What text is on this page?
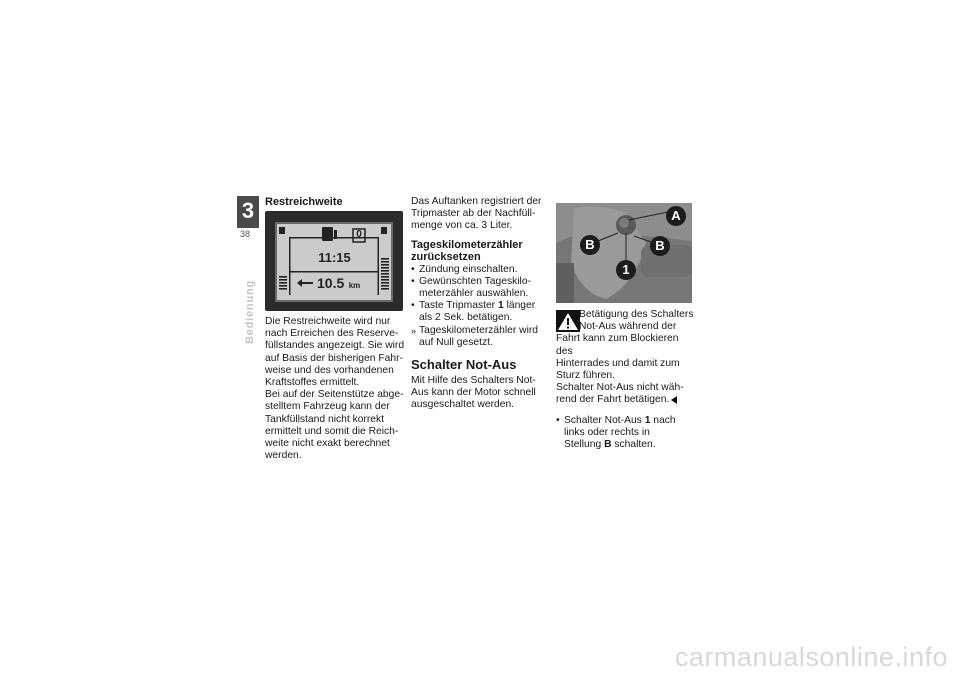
3
38
Bedienung
Restreichweite
0
11:15
10.5 km
Die Restreichweite wird nur
nach Erreichen des Reserve-
füllstandes angezeigt. Sie wird
auf Basis der bisherigen Fahr-
weise und des vorhandenen
Kraftstoffes ermittelt.
Bei auf der Seitenstütze abge-
stelltem Fahrzeug kann der
Tankfüllstand nicht korrekt
ermittelt und somit die Reich-
weite nicht exakt berechnet
werden.
Das Auftanken registriert der
Tripmaster ab der Nachfüll-
menge von ca. 3 Liter.
Tageskilometerzähler
zurücksetzen
• Zündung einschalten.
• Gewünschten Tageskilo-
meterzähler auswählen.
• Taste Tripmaster 1 länger
als 2 Sek. betätigen.
» Tageskilometerzähler wird
auf Null gesetzt.
Schalter Not-Aus
Mit Hilfe des Schalters Not-
Aus kann der Motor schnell
ausgeschaltet werden.
A
B	B
1
Betätigung des Schalters
Not-Aus während der
Fahrt kann zum Blockieren des
Hinterrades und damit zum
Sturz führen.
Schalter Not-Aus nicht wäh-
rend der Fahrt betätigen.
• Schalter Not-Aus 1 nach
links oder rechts in
Stellung B schalten.
carmanualsonline.info
